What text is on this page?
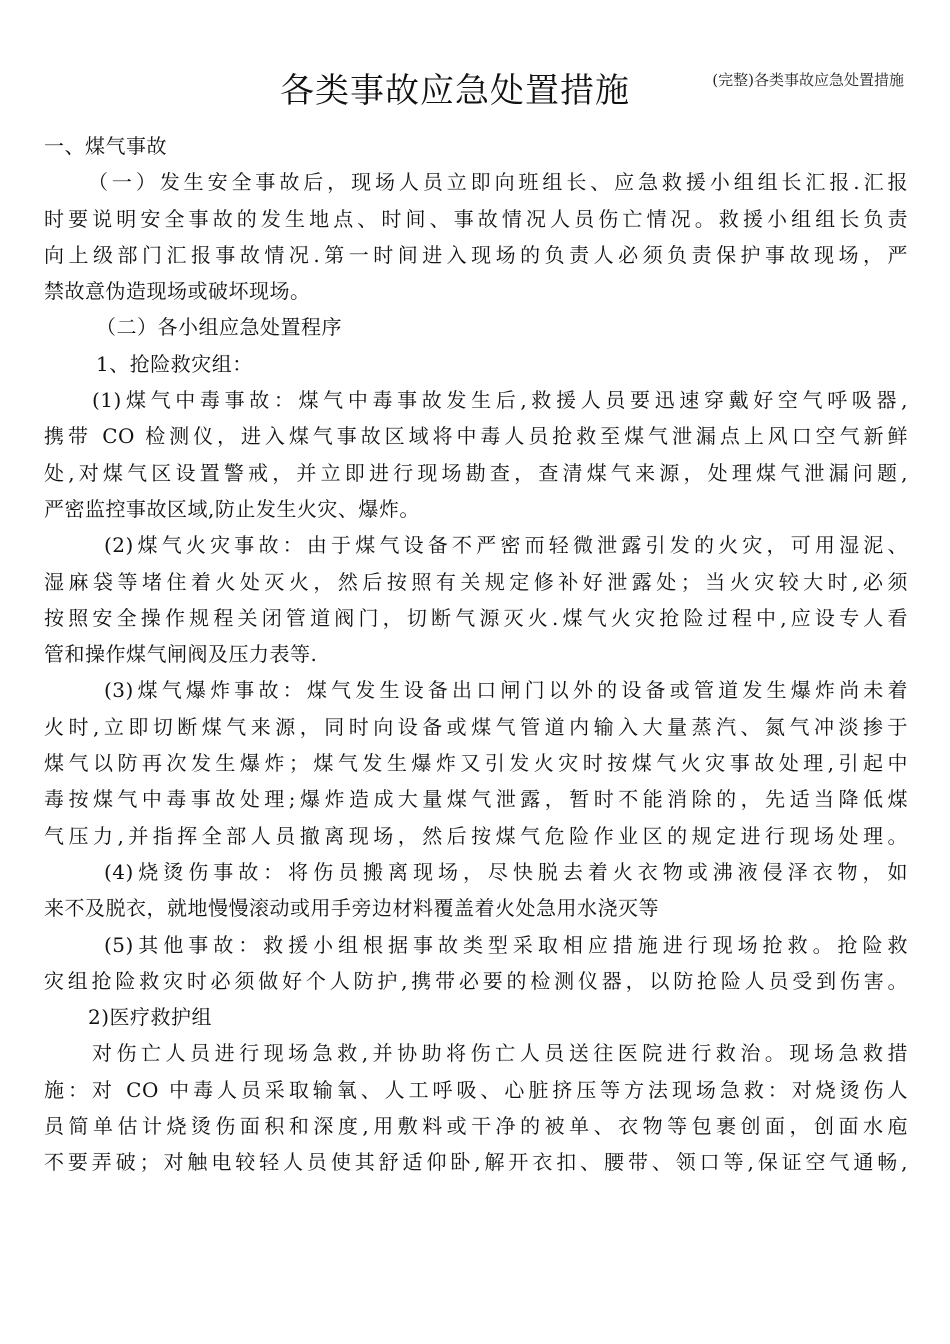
各类事故应急处置措施	(完整)各类事故应急处置措施
一、煤气事故
（一）发生安全事故后，现场人员立即向班组长、应急救援小组组长汇报.汇报
时要说明安全事故的发生地点、时间、事故情况人员伤亡情况。救援小组组长负责
向上级部门汇报事故情况.第一时间进入现场的负责人必须负责保护事故现场，严
禁故意伪造现场或破坏现场。
（二）各小组应急处置程序
1、抢险救灾组：
(1)煤气中毒事故：煤气中毒事故发生后,救援人员要迅速穿戴好空气呼吸器,
携带 CO 检测仪，进入煤气事故区域将中毒人员抢救至煤气泄漏点上风口空气新鲜
处,对煤气区设置警戒，并立即进行现场勘查，查清煤气来源，处理煤气泄漏问题,
严密监控事故区域,防止发生火灾、爆炸。
(2)煤气火灾事故：由于煤气设备不严密而轻微泄露引发的火灾，可用湿泥、
湿麻袋等堵住着火处灭火，然后按照有关规定修补好泄露处；当火灾较大时,必须
按照安全操作规程关闭管道阀门，切断气源灭火.煤气火灾抢险过程中,应设专人看
管和操作煤气闸阀及压力表等.
(3)煤气爆炸事故：煤气发生设备出口闸门以外的设备或管道发生爆炸尚未着
火时,立即切断煤气来源，同时向设备或煤气管道内输入大量蒸汽、氮气冲淡掺于
煤气以防再次发生爆炸；煤气发生爆炸又引发火灾时按煤气火灾事故处理,引起中
毒按煤气中毒事故处理;爆炸造成大量煤气泄露，暂时不能消除的，先适当降低煤
气压力,并指挥全部人员撤离现场，然后按煤气危险作业区的规定进行现场处理。
(4)烧烫伤事故：将伤员搬离现场，尽快脱去着火衣物或沸液侵泽衣物，如
来不及脱衣，就地慢慢滚动或用手旁边材料覆盖着火处急用水浇灭等
(5)其他事故：救援小组根据事故类型采取相应措施进行现场抢救。抢险救
灾组抢险救灾时必须做好个人防护,携带必要的检测仪器，以防抢险人员受到伤害。
2)医疗救护组
对伤亡人员进行现场急救,并协助将伤亡人员送往医院进行救治。现场急救措
施：对 CO 中毒人员采取输氧、人工呼吸、心脏挤压等方法现场急救：对烧烫伤人
员简单估计烧烫伤面积和深度,用敷料或干净的被单、衣物等包裹创面，创面水庖
不要弄破；对触电较轻人员使其舒适仰卧,解开衣扣、腰带、领口等,保证空气通畅,
